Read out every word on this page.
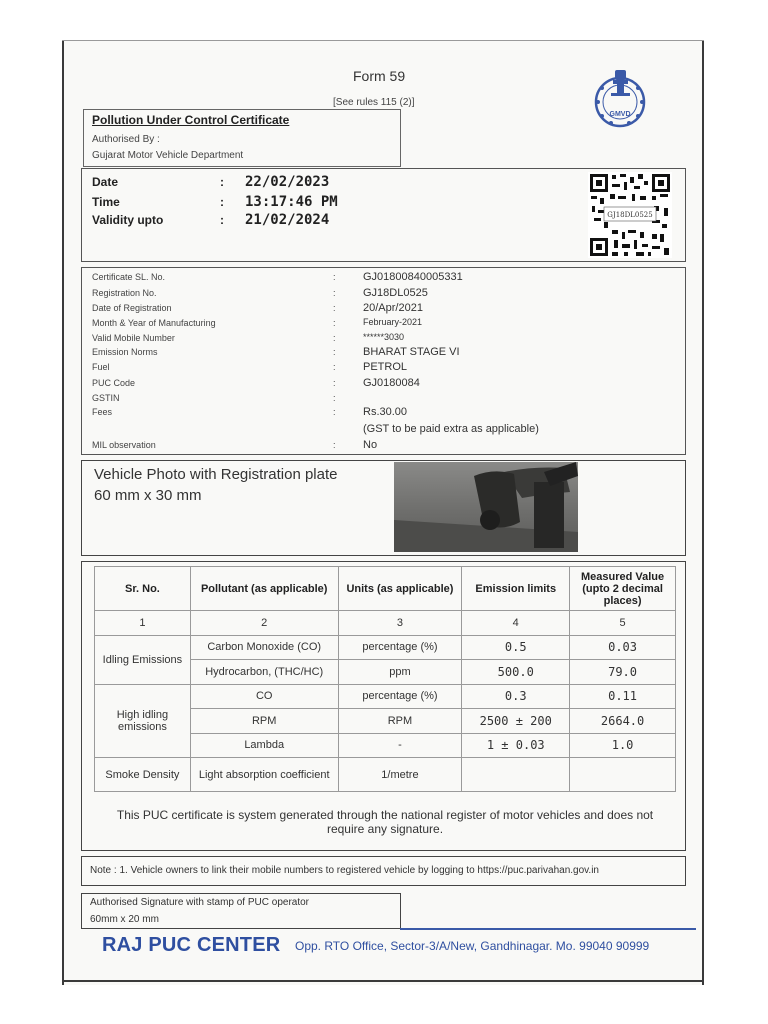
Form 59
[See rules 115 (2)]
GMVD
Pollution Under Control Certificate
Authorised By :
Gujarat Motor Vehicle Department
Date	: 22/02/2023
Time	: 13:17:46 PM
Validity upto	: 21/02/2024	GJ18DL0525
Certificate SL. No.	: GJ01800840005331
Registration No.	: GJ18DL0525
Date of Registration	: 20/Apr/2021
Month & Year of Manufacturing	:	February-2021
Valid Mobile Number	:	******3030
Emission Norms	: BHARAT STAGE VI
Fuel	: PETROL
PUC Code	: GJ0180084
GSTIN	:
Fees	: Rs.30.00
(GST to be paid extra as applicable)
MIL observation	: No
Vehicle Photo with Registration plate
60 mm x 30 mm
Sr. No.	Pollutant (as applicable)	Units (as applicable)	Emission limits	Measured Value (upto 2 decimal places)
1	2	3	4	5
Idling Emissions	Carbon Monoxide (CO)	percentage (%)	0.5	0.03
	Hydrocarbon, (THC/HC)	ppm	500.0	79.0
High idling emissions	CO	percentage (%)	0.3	0.11
	RPM	RPM	2500 ± 200	2664.0
	Lambda	-	1 ± 0.03	1.0
Smoke Density	Light absorption coefficient	1/metre		
This PUC certificate is system generated through the national register of motor vehicles and does not require any signature.
Note : 1. Vehicle owners to link their mobile numbers to registered vehicle by logging to https://puc.parivahan.gov.in
Authorised Signature with stamp of PUC operator
60mm x 20 mm
RAJ PUC CENTER Opp. RTO Office, Sector-3/A/New, Gandhinagar. Mo. 99040 90999
